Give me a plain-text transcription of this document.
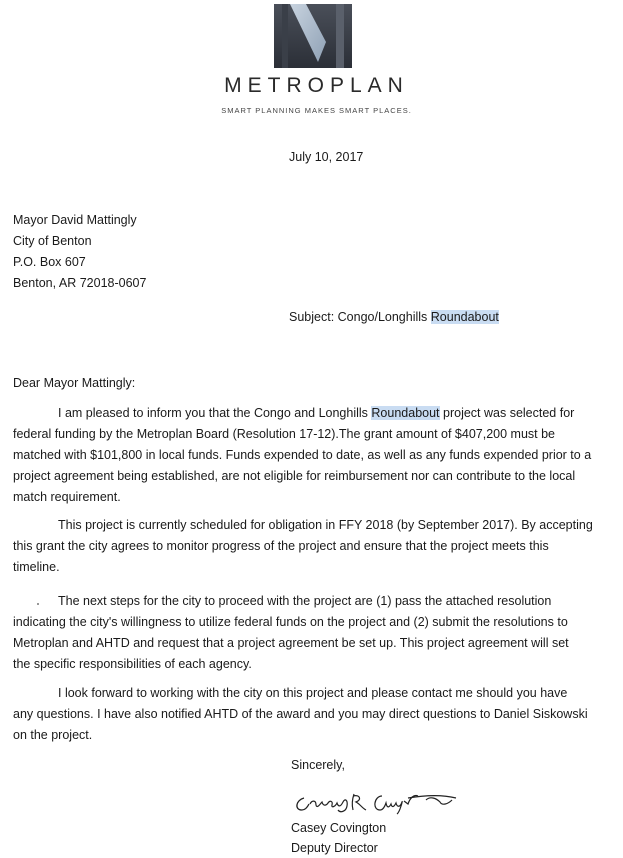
METROPLAN
SMART PLANNING MAKES SMART PLACES.
July 10, 2017
Mayor David Mattingly
City of Benton
P.O. Box 607
Benton, AR 72018-0607
Subject: Congo/Longhills Roundabout
Dear Mayor Mattingly:
I am pleased to inform you that the Congo and Longhills Roundabout project was selected for
federal funding by the Metroplan Board (Resolution 17-12).The grant amount of $407,200 must be
matched with $101,800 in local funds. Funds expended to date, as well as any funds expended prior to a
project agreement being established, are not eligible for reimbursement nor can contribute to the local
match requirement.
This project is currently scheduled for obligation in FFY 2018 (by September 2017). By accepting
this grant the city agrees to monitor progress of the project and ensure that the project meets this
timeline.
The next steps for the city to proceed with the project are (1) pass the attached resolution
indicating the city's willingness to utilize federal funds on the project and (2) submit the resolutions to
Metroplan and AHTD and request that a project agreement be set up. This project agreement will set
the specific responsibilities of each agency.
I look forward to working with the city on this project and please contact me should you have
any questions. I have also notified AHTD of the award and you may direct questions to Daniel Siskowski
on the project.
Sincerely,
Casey Covington
Deputy Director
